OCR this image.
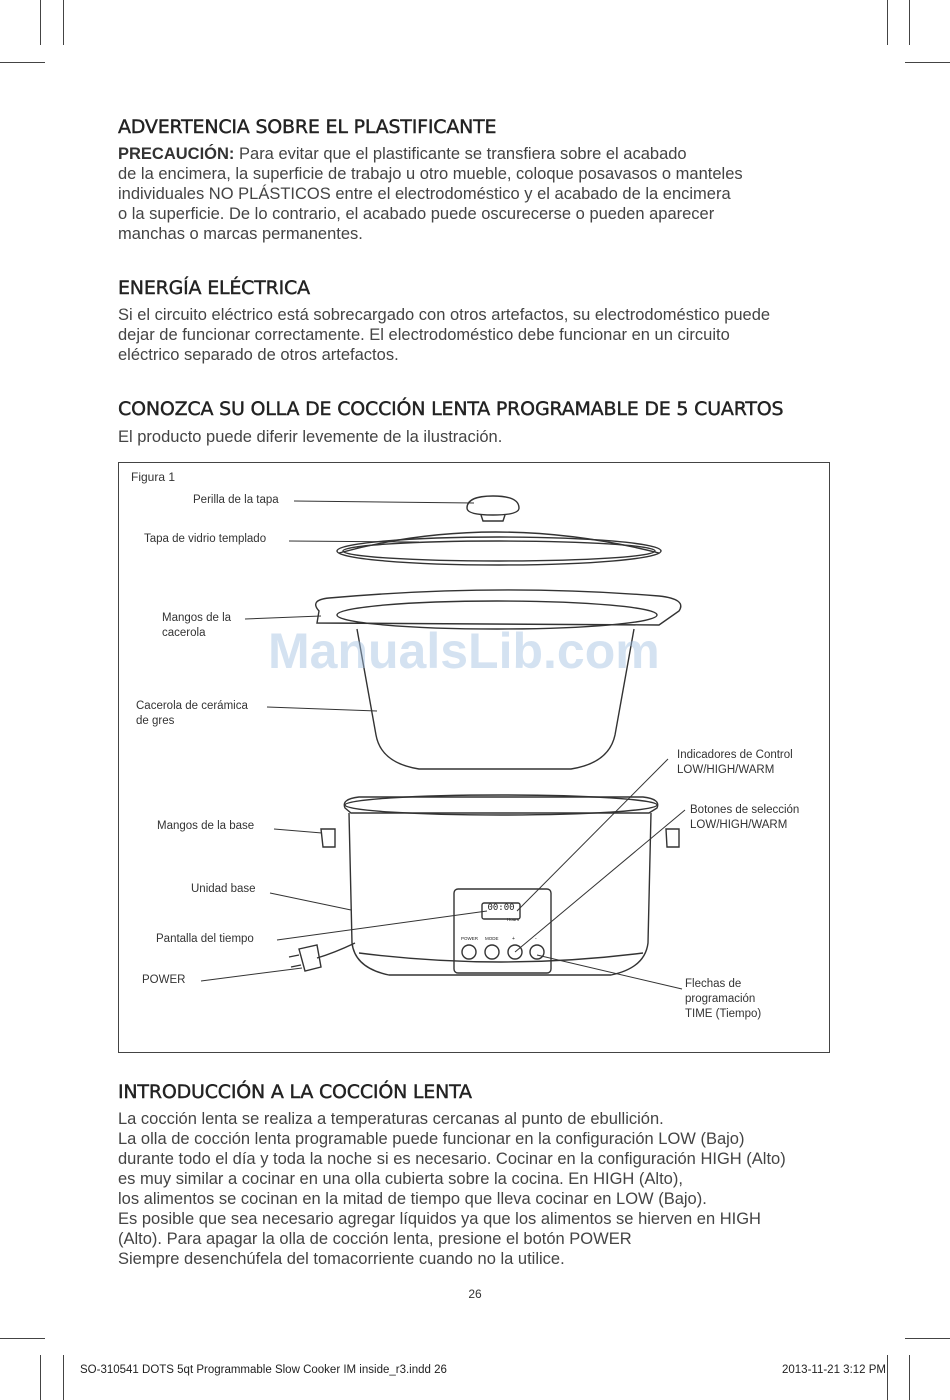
ADVERTENCIA SOBRE EL PLASTIFICANTE
PRECAUCIÓN: Para evitar que el plastificante se transfiera sobre el acabado
de la encimera, la superficie de trabajo u otro mueble, coloque posavasos o manteles
individuales NO PLÁSTICOS entre el electrodoméstico y el acabado de la encimera
o la superficie. De lo contrario, el acabado puede oscurecerse o pueden aparecer
manchas o marcas permanentes.
ENERGÍA ELÉCTRICA
Si el circuito eléctrico está sobrecargado con otros artefactos, su electrodoméstico puede
dejar de funcionar correctamente. El electrodoméstico debe funcionar en un circuito
eléctrico separado de otros artefactos.
CONOZCA SU OLLA DE COCCIÓN LENTA PROGRAMABLE DE 5 CUARTOS
El producto puede diferir levemente de la ilustración.
Figura 1
00:00
Hours
POWER MODE	+	-
Perilla de la tapa
Tapa de vidrio templado
Mangos de la
cacerola
Cacerola de cerámica
de gres
Mangos de la base
Unidad base
Pantalla del tiempo
POWER
Indicadores de Control
LOW/HIGH/WARM
Botones de selección
LOW/HIGH/WARM
Flechas de
programación
TIME (Tiempo)
ManualsLib.com
INTRODUCCIÓN A LA COCCIÓN LENTA
La cocción lenta se realiza a temperaturas cercanas al punto de ebullición.
La olla de cocción lenta programable puede funcionar en la configuración LOW (Bajo)
durante todo el día y toda la noche si es necesario. Cocinar en la configuración HIGH (Alto)
es muy similar a cocinar en una olla cubierta sobre la cocina. En HIGH (Alto),
los alimentos se cocinan en la mitad de tiempo que lleva cocinar en LOW (Bajo).
Es posible que sea necesario agregar líquidos ya que los alimentos se hierven en HIGH
(Alto). Para apagar la olla de cocción lenta, presione el botón POWER
Siempre desenchúfela del tomacorriente cuando no la utilice.
26
SO-310541 DOTS 5qt Programmable Slow Cooker IM inside_r3.indd 26	2013-11-21 3:12 PM
